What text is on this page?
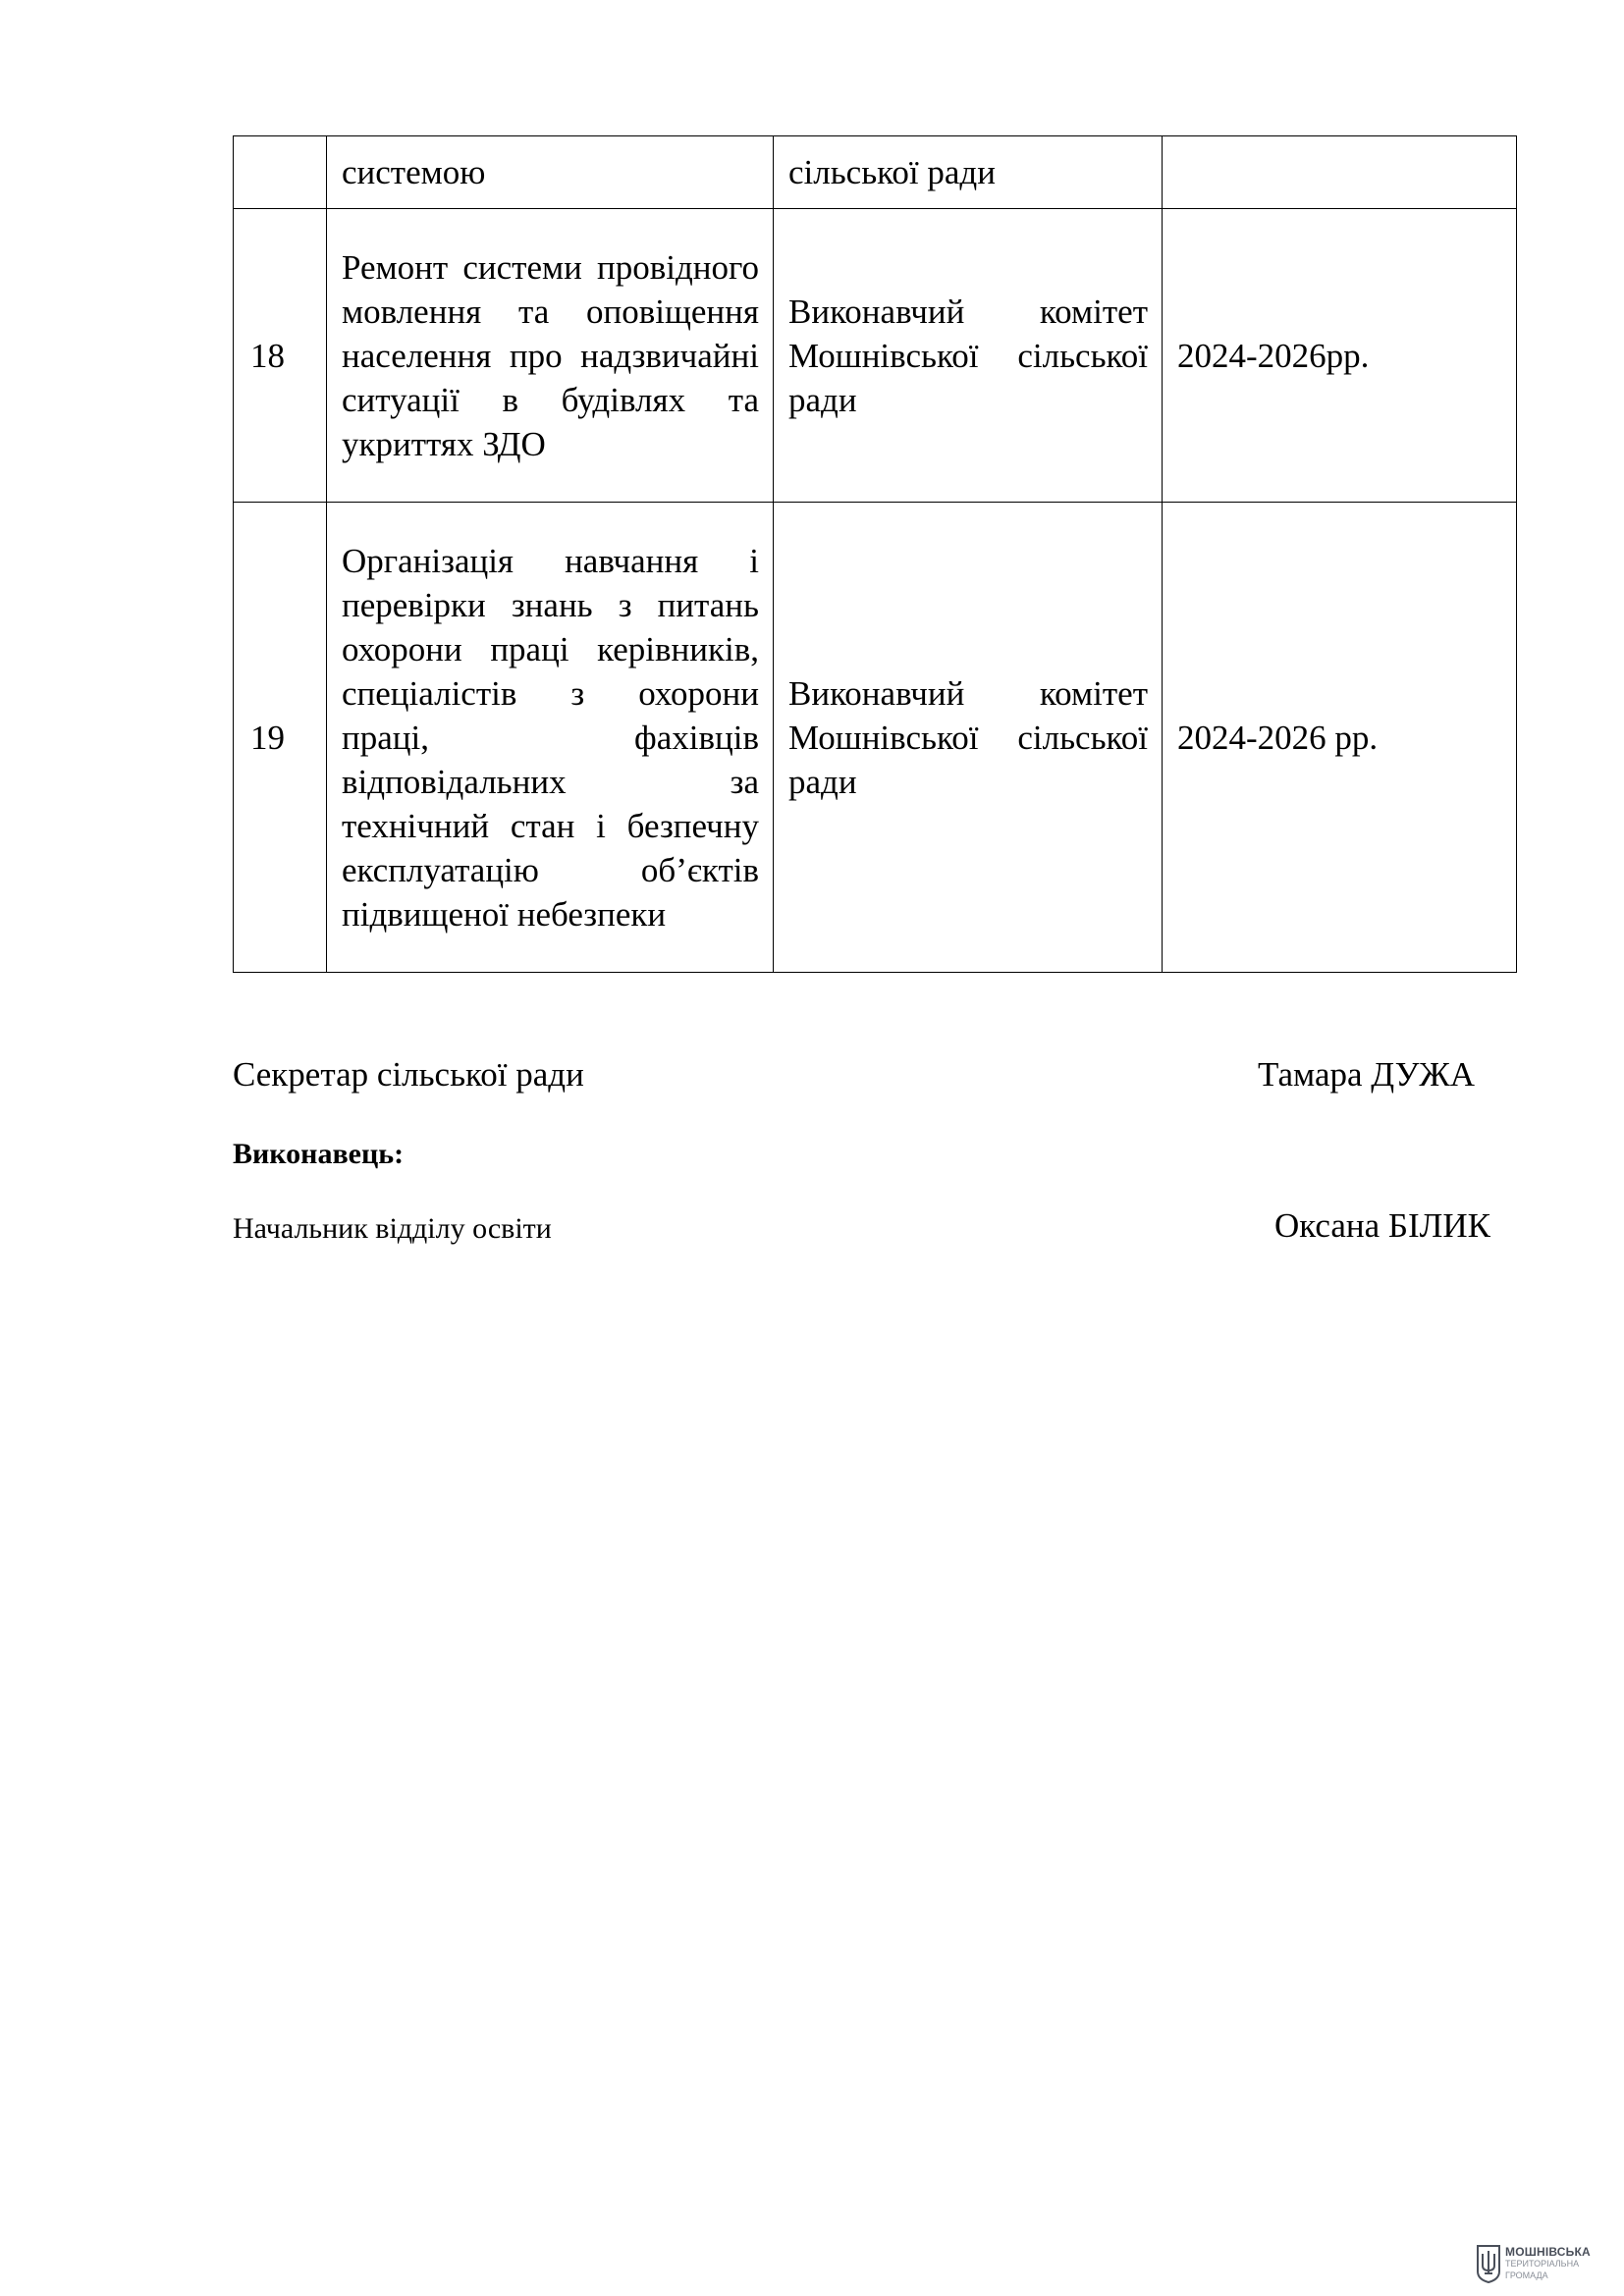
	системою	сільської ради	
18	Ремонт системи провідного мовлення та оповіщення населення про надзвичайні ситуації в будівлях та укриттях ЗДО	Виконавчий комітет Мошнівської сільської ради	2024-2026рр.
19	Організація навчання і перевірки знань з питань охорони праці керівників, спеціалістів з охорони праці, фахівців відповідальних за технічний стан і безпечну експлуатацію об’єктів підвищеної небезпеки	Виконавчий комітет Мошнівської сільської ради	2024-2026 рр.
Секретар сільської ради	Тамара ДУЖА
Виконавець:
Начальник відділу освіти	Оксана БІЛИК
МОШНІВСЬКА
ТЕРИТОРІАЛЬНА
ГРОМАДА
